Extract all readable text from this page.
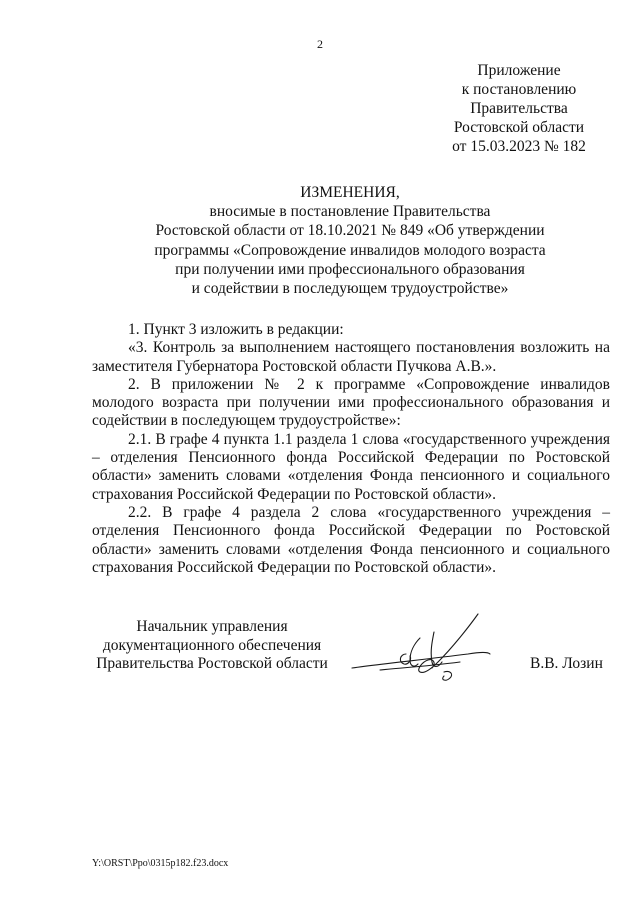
2
Приложение
к постановлению
Правительства
Ростовской области
от 15.03.2023 № 182
ИЗМЕНЕНИЯ,
вносимые в постановление Правительства
Ростовской области от 18.10.2021 № 849 «Об утверждении
программы «Сопровождение инвалидов молодого возраста
при получении ими профессионального образования
и содействии в последующем трудоустройстве»

1. Пункт 3 изложить в редакции:

«3. Контроль за выполнением настоящего постановления возложить на заместителя Губернатора Ростовской области Пучкова А.В.».

2. В приложении № 2 к программе «Сопровождение инвалидов молодого возраста при получении ими профессионального образования и содействии в последующем трудоустройстве»:

2.1. В графе 4 пункта 1.1 раздела 1 слова «государственного учреждения – отделения Пенсионного фонда Российской Федерации по Ростовской области» заменить словами «отделения Фонда пенсионного и социального страхования Российской Федерации по Ростовской области».

2.2. В графе 4 раздела 2 слова «государственного учреждения – отделения Пенсионного фонда Российской Федерации по Ростовской области» заменить словами «отделения Фонда пенсионного и социального страхования Российской Федерации по Ростовской области».

Начальник управления
документационного обеспечения
Правительства Ростовской области	В.В. Лозин
Y:\ORST\Ppo\0315p182.f23.docx
